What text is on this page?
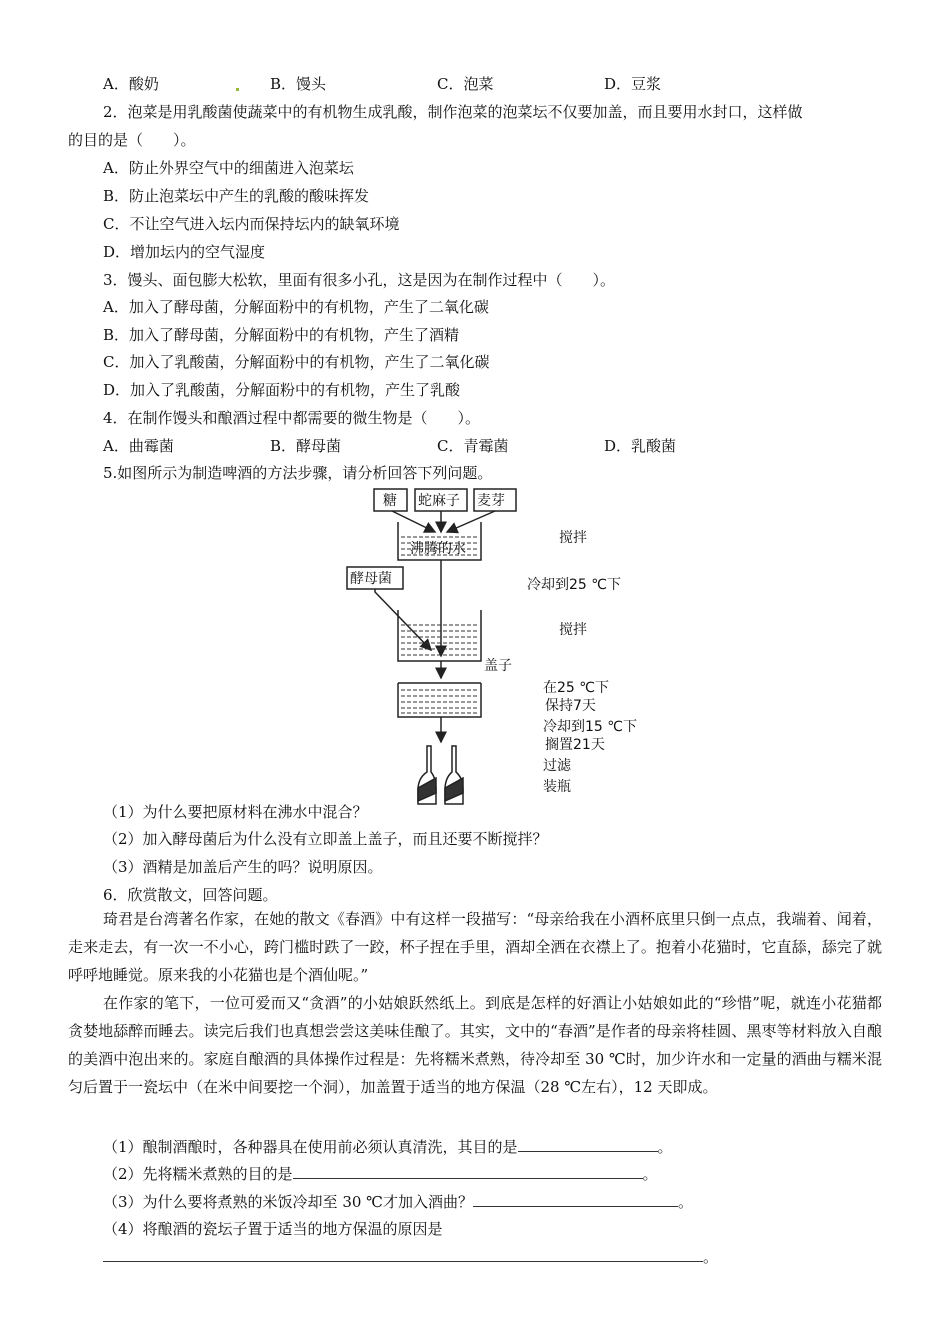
A．酸奶	B．馒头	C．泡菜	D．豆浆
2．泡菜是用乳酸菌使蔬菜中的有机物生成乳酸，制作泡菜的泡菜坛不仅要加盖，而且要用水封口，这样做
的目的是（　　）。
A．防止外界空气中的细菌进入泡菜坛
B．防止泡菜坛中产生的乳酸的酸味挥发
C．不让空气进入坛内而保持坛内的缺氧环境
D．增加坛内的空气湿度
3．馒头、面包膨大松软，里面有很多小孔，这是因为在制作过程中（　　）。
A．加入了酵母菌，分解面粉中的有机物，产生了二氧化碳
B．加入了酵母菌，分解面粉中的有机物，产生了酒精
C．加入了乳酸菌，分解面粉中的有机物，产生了二氧化碳
D．加入了乳酸菌，分解面粉中的有机物，产生了乳酸
4．在制作馒头和酿酒过程中都需要的微生物是（　　）。
A．曲霉菌	B．酵母菌	C．青霉菌	D．乳酸菌
5.如图所示为制造啤酒的方法步骤，请分析回答下列问题。
糖 蛇麻子 麦芽
沸腾的水
酵母菌
盖子
搅拌
冷却到25 ℃下
搅拌
在25 ℃下
保持7天
冷却到15 ℃下
搁置21天
过滤
装瓶
（1）为什么要把原材料在沸水中混合？
（2）加入酵母菌后为什么没有立即盖上盖子，而且还要不断搅拌？
（3）酒精是加盖后产生的吗？说明原因。
6．欣赏散文，回答问题。
琦君是台湾著名作家，在她的散文《春酒》中有这样一段描写：“母亲给我在小酒杯底里只倒一点点，我端着、闻着，走来走去，有一次一不小心，跨门槛时跌了一跤，杯子捏在手里，酒却全洒在衣襟上了。抱着小花猫时，它直舔，舔完了就呼呼地睡觉。原来我的小花猫也是个酒仙呢。”
在作家的笔下，一位可爱而又“贪酒”的小姑娘跃然纸上。到底是怎样的好酒让小姑娘如此的“珍惜”呢，就连小花猫都贪婪地舔醉而睡去。读完后我们也真想尝尝这美味佳酿了。其实，文中的“春酒”是作者的母亲将桂圆、黑枣等材料放入自酿的美酒中泡出来的。家庭自酿酒的具体操作过程是：先将糯米煮熟，待冷却至 30 ℃时，加少许水和一定量的酒曲与糯米混匀后置于一瓷坛中（在米中间要挖一个洞），加盖置于适当的地方保温（28 ℃左右），12 天即成。
（1）酿制酒酿时，各种器具在使用前必须认真清洗，其目的是	。
（2）先将糯米煮熟的目的是	。
（3）为什么要将煮熟的米饭冷却至 30 ℃才加入酒曲？	。
（4）将酿酒的瓷坛子置于适当的地方保温的原因是
。
